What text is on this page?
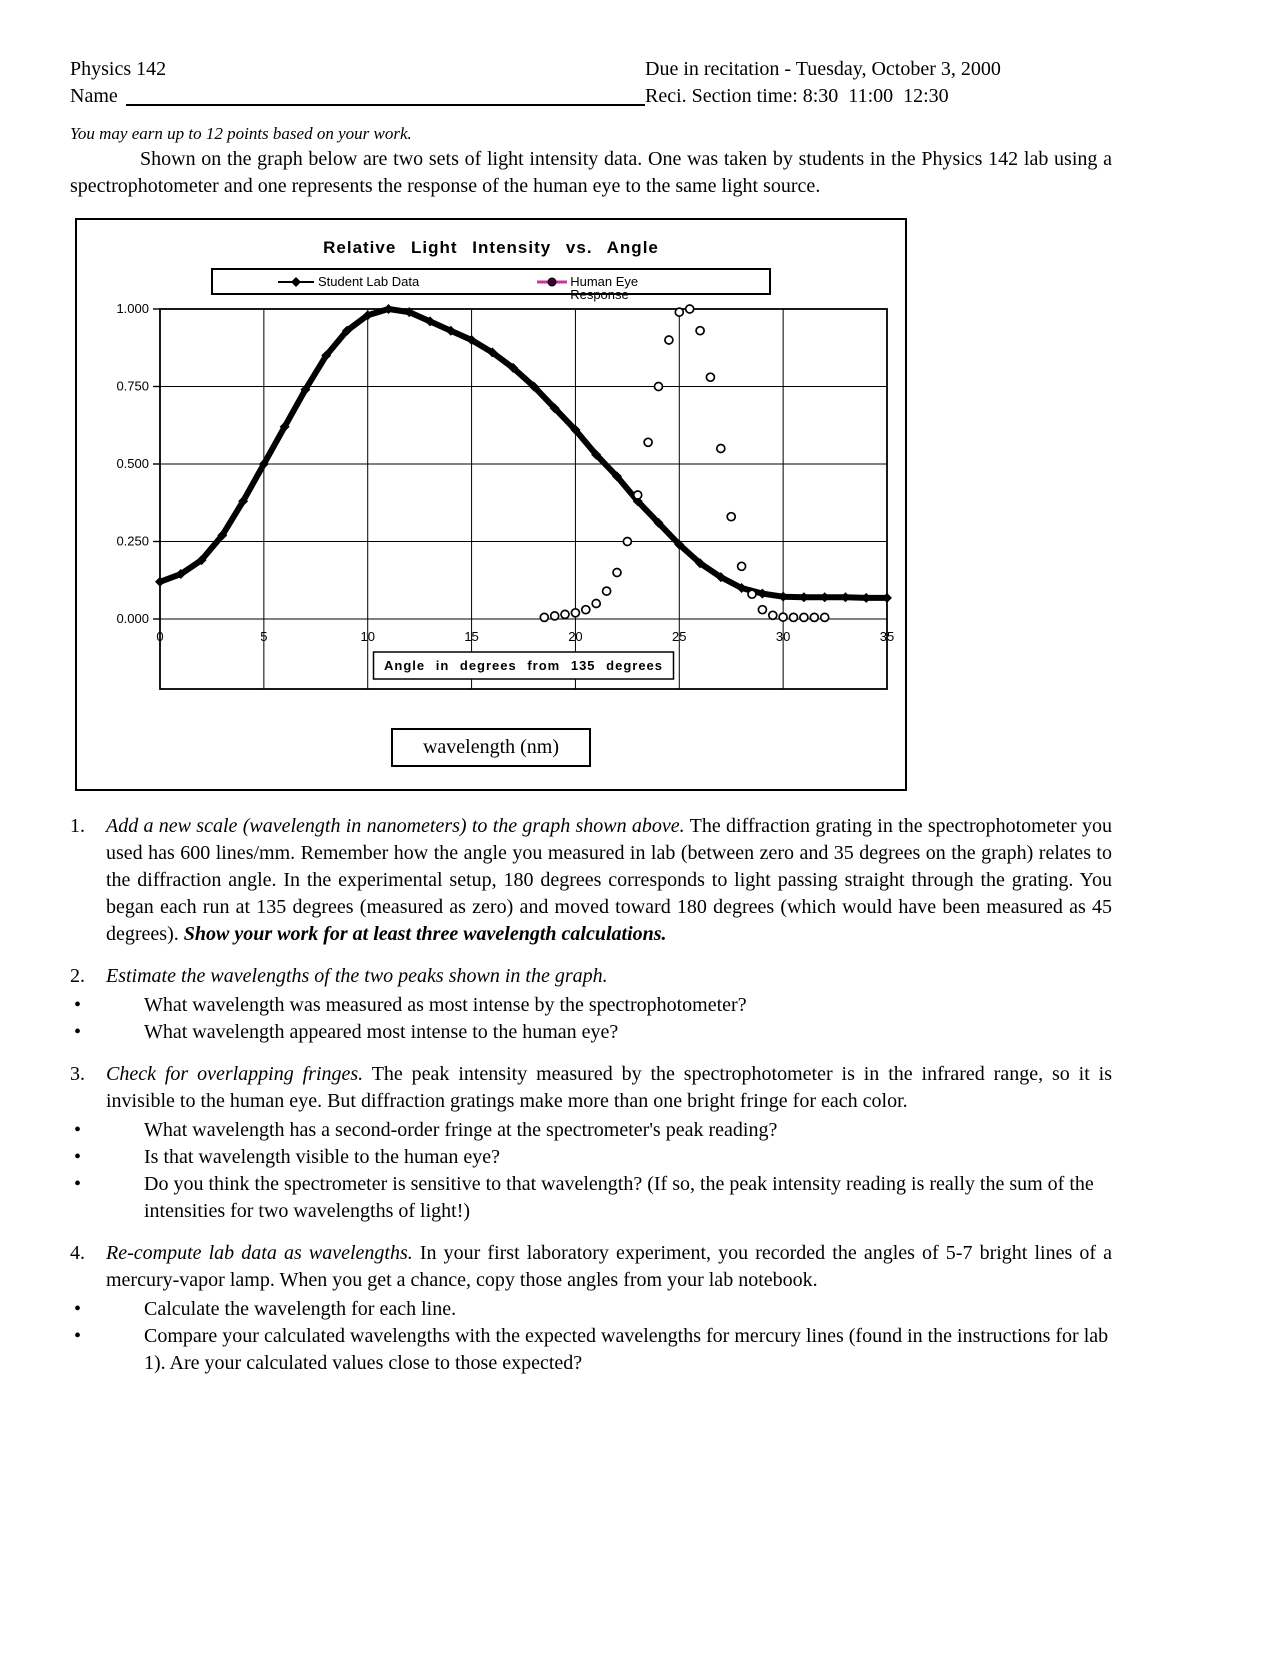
Physics 142	Due in recitation - Tuesday, October 3, 2000
Name	Reci. Section time: 8:30  11:00  12:30
You may earn up to 12 points based on your work.
Shown on the graph below are two sets of light intensity data. One was taken by students in the Physics 142 lab using a spectrophotometer and one represents the response of the human eye to the same light source.
Relative Light Intensity vs. Angle
Student Lab Data	Human Eye Response
0	5	10	15	20	25	30	35
1.000
0.750
0.500
0.250
0.000
Angle in degrees from 135 degrees
wavelength (nm)
1.	Add a new scale (wavelength in nanometers) to the graph shown above. The diffraction grating in the spectrophotometer you used has 600 lines/mm. Remember how the angle you measured in lab (between zero and 35 degrees on the graph) relates to the diffraction angle. In the experimental setup, 180 degrees corresponds to light passing straight through the grating. You began each run at 135 degrees (measured as zero) and moved toward 180 degrees (which would have been measured as 45 degrees). Show your work for at least three wavelength calculations.
2.	Estimate the wavelengths of the two peaks shown in the graph.
•	What wavelength was measured as most intense by the spectrophotometer?
•	What wavelength appeared most intense to the human eye?
3.	Check for overlapping fringes. The peak intensity measured by the spectrophotometer is in the infrared range, so it is invisible to the human eye. But diffraction gratings make more than one bright fringe for each color.
•	What wavelength has a second-order fringe at the spectrometer's peak reading?
•	Is that wavelength visible to the human eye?
•	Do you think the spectrometer is sensitive to that wavelength? (If so, the peak intensity reading is really the sum of the intensities for two wavelengths of light!)
4.	Re-compute lab data as wavelengths. In your first laboratory experiment, you recorded the angles of 5-7 bright lines of a mercury-vapor lamp. When you get a chance, copy those angles from your lab notebook.
•	Calculate the wavelength for each line.
•	Compare your calculated wavelengths with the expected wavelengths for mercury lines (found in the instructions for lab 1). Are your calculated values close to those expected?
